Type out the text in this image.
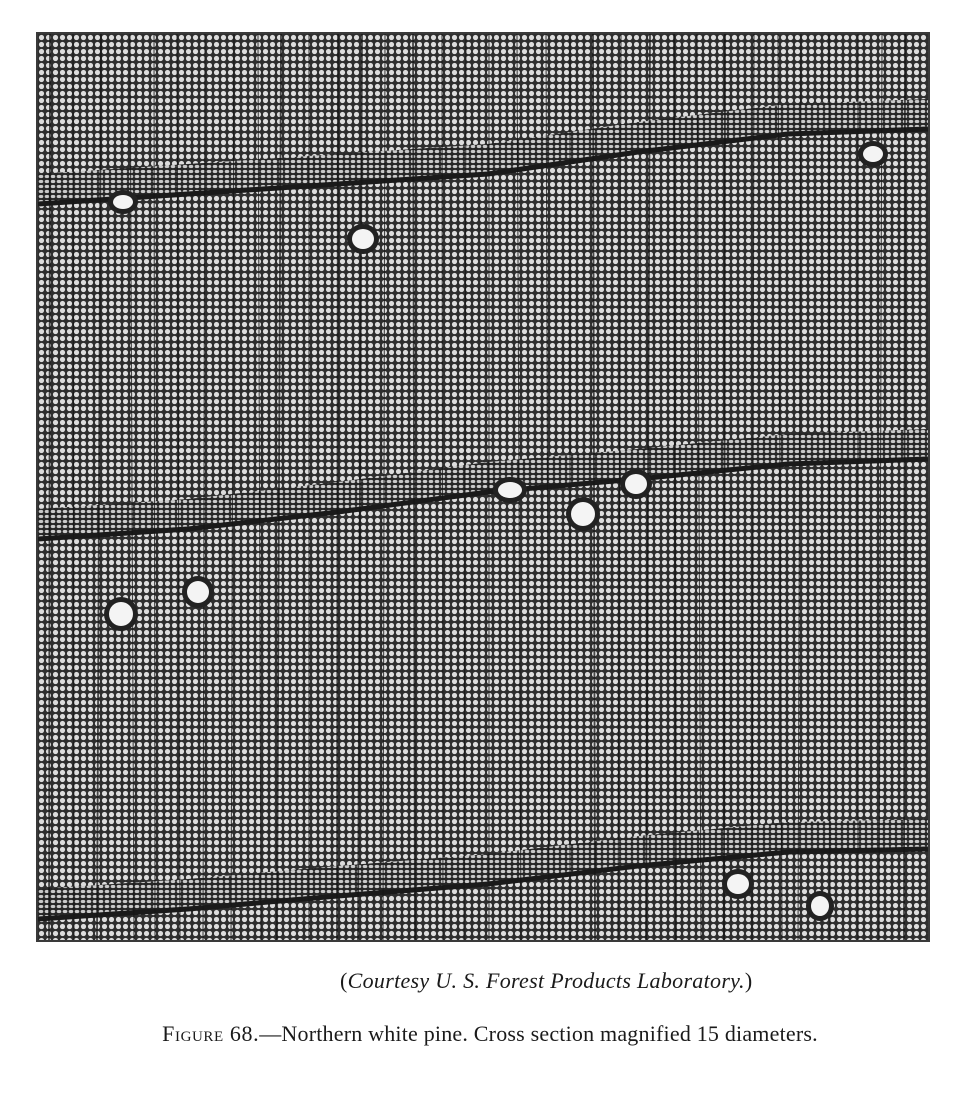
(Courtesy U. S. Forest Products Laboratory.)
Figure 68.—Northern white pine. Cross section magnified 15 diameters.
